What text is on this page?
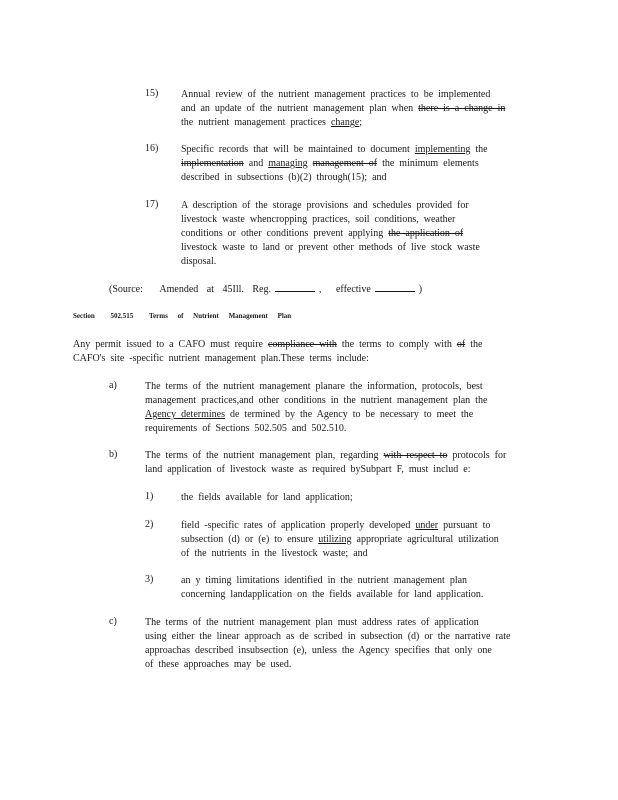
15)	Annual review of the nutrient management practices to be implemented
and an update of the nutrient management plan when there is a change in
the nutrient management practices change;
16)	Specific records that will be maintained to document implementing the
implementation and managing management of the minimum elements
described in subsections (b)(2) through(15); and
17)	A description of the storage provisions and schedules provided for
livestock waste whencropping practices, soil conditions, weather
conditions or other conditions prevent applying the application of
livestock waste to land or prevent other methods of live stock waste
disposal.
(Source: Amended at 45Ill. Reg.	, effective	)
Section 502.515 Terms of Nutrient Management Plan
Any permit issued to a CAFO must require compliance with the terms to comply with of the
CAFO's site -specific nutrient management plan.These terms include:
a)	The terms of the nutrient management planare the information, protocols, best
management practices,and other conditions in the nutrient management plan the
Agency determines de termined by the Agency to be necessary to meet the
requirements of Sections 502.505 and 502.510.
b)	The terms of the nutrient management plan, regarding with respect to protocols for
land application of livestock waste as required bySubpart F, must includ e:
1)	the fields available for land application;
2)	field -specific rates of application properly developed under pursuant to
subsection (d) or (e) to ensure utilizing appropriate agricultural utilization
of the nutrients in the livestock waste; and
3)	an y timing limitations identified in the nutrient management plan
concerning landapplication on the fields available for land application.
c)	The terms of the nutrient management plan must address rates of application
using either the linear approach as de scribed in subsection (d) or the narrative rate
approachas described insubsection (e), unless the Agency specifies that only one
of these approaches may be used.
